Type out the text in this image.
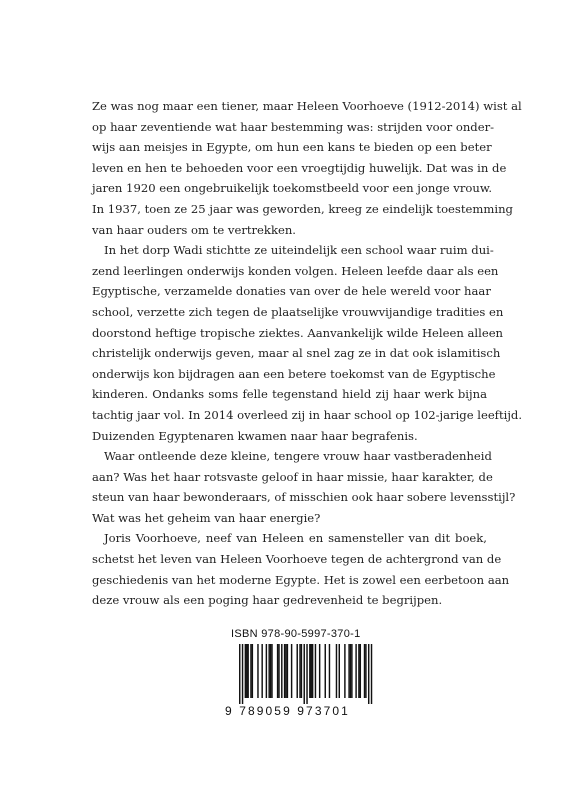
Ze was nog maar een tiener, maar Heleen Voorhoeve (1912-2014) wist al
op haar zeventiende wat haar bestemming was: strijden voor onder-
wijs aan meisjes in Egypte, om hun een kans te bieden op een beter
leven en hen te behoeden voor een vroegtijdig huwelijk. Dat was in de
jaren 1920 een ongebruikelijk toekomstbeeld voor een jonge vrouw.
In 1937, toen ze 25 jaar was geworden, kreeg ze eindelijk toestemming
van haar ouders om te vertrekken.
In het dorp Wadi stichtte ze uiteindelijk een school waar ruim dui-
zend leerlingen onderwijs konden volgen. Heleen leefde daar als een
Egyptische, verzamelde donaties van over de hele wereld voor haar
school, verzette zich tegen de plaatselijke vrouwvijandige tradities en
doorstond heftige tropische ziektes. Aanvankelijk wilde Heleen alleen
christelijk onderwijs geven, maar al snel zag ze in dat ook islamitisch
onderwijs kon bijdragen aan een betere toekomst van de Egyptische
kinderen. Ondanks soms felle tegenstand hield zij haar werk bijna
tachtig jaar vol. In 2014 overleed zij in haar school op 102-jarige leeftijd.
Duizenden Egyptenaren kwamen naar haar begrafenis.
Waar ontleende deze kleine, tengere vrouw haar vastberadenheid
aan? Was het haar rotsvaste geloof in haar missie, haar karakter, de
steun van haar bewonderaars, of misschien ook haar sobere levensstijl?
Wat was het geheim van haar energie?
Joris Voorhoeve, neef van Heleen en samensteller van dit boek,
schetst het leven van Heleen Voorhoeve tegen de achtergrond van de
geschiedenis van het moderne Egypte. Het is zowel een eerbetoon aan
deze vrouw als een poging haar gedrevenheid te begrijpen.
ISBN 978-90-5997-370-1
9 789059 973701
